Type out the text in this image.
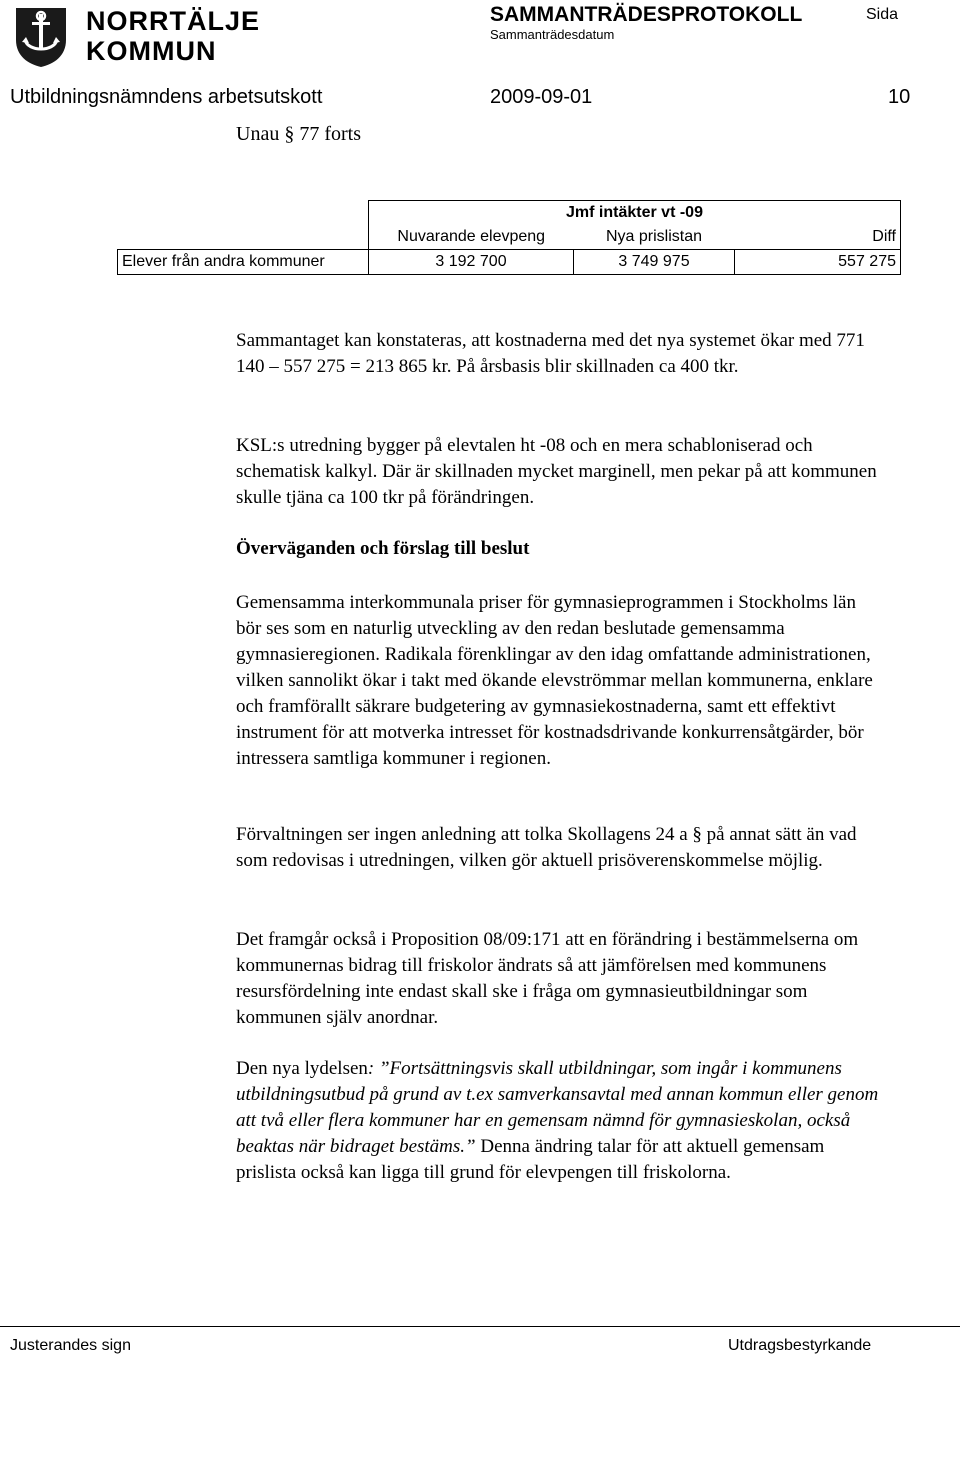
NORRTÄLJE
KOMMUN
SAMMANTRÄDESPROTOKOLL
Sammanträdesdatum
Sida
Utbildningsnämndens arbetsutskott	2009-09-01	10
Unau § 77 forts
	Jmf intäkter vt -09		
	Nuvarande elevpeng	Nya prislistan	Diff
Elever från andra kommuner	3 192 700	3 749 975	557 275

Sammantaget kan konstateras, att kostnaderna med det nya systemet ökar med 771 140 – 557 275 = 213 865 kr. På årsbasis blir skillnaden ca 400 tkr.

KSL:s utredning bygger på elevtalen ht -08 och en mera schabloniserad och schematisk kalkyl. Där är skillnaden mycket marginell, men pekar på att kommunen skulle tjäna ca 100 tkr på förändringen.

Överväganden och förslag till beslut

Gemensamma interkommunala priser för gymnasieprogrammen i Stockholms län bör ses som en naturlig utveckling av den redan beslutade gemensamma gymnasieregionen. Radikala förenklingar av den idag omfattande administrationen, vilken sannolikt ökar i takt med ökande elevströmmar mellan kommunerna, enklare och framförallt säkrare budgetering av gymnasiekostnaderna, samt ett effektivt instrument för att motverka intresset för kostnadsdrivande konkurrensåtgärder, bör intressera samtliga kommuner i regionen.

Förvaltningen ser ingen anledning att tolka Skollagens 24 a § på annat sätt än vad som redovisas i utredningen, vilken gör aktuell prisöverenskommelse möjlig.

Det framgår också i Proposition 08/09:171 att en förändring i bestämmelserna om kommunernas bidrag till friskolor ändrats så att jämförelsen med kommunens resursfördelning inte endast skall ske i fråga om gymnasieutbildningar som kommunen själv anordnar.

Den nya lydelsen: ”Fortsättningsvis skall utbildningar, som ingår i kommunens utbildningsutbud på grund av t.ex samverkansavtal med annan kommun eller genom att två eller flera kommuner har en gemensam nämnd för gymnasieskolan, också beaktas när bidraget bestäms.” Denna ändring talar för att aktuell gemensam prislista också kan ligga till grund för elevpengen till friskolorna.

Justerandes sign	Utdragsbestyrkande
